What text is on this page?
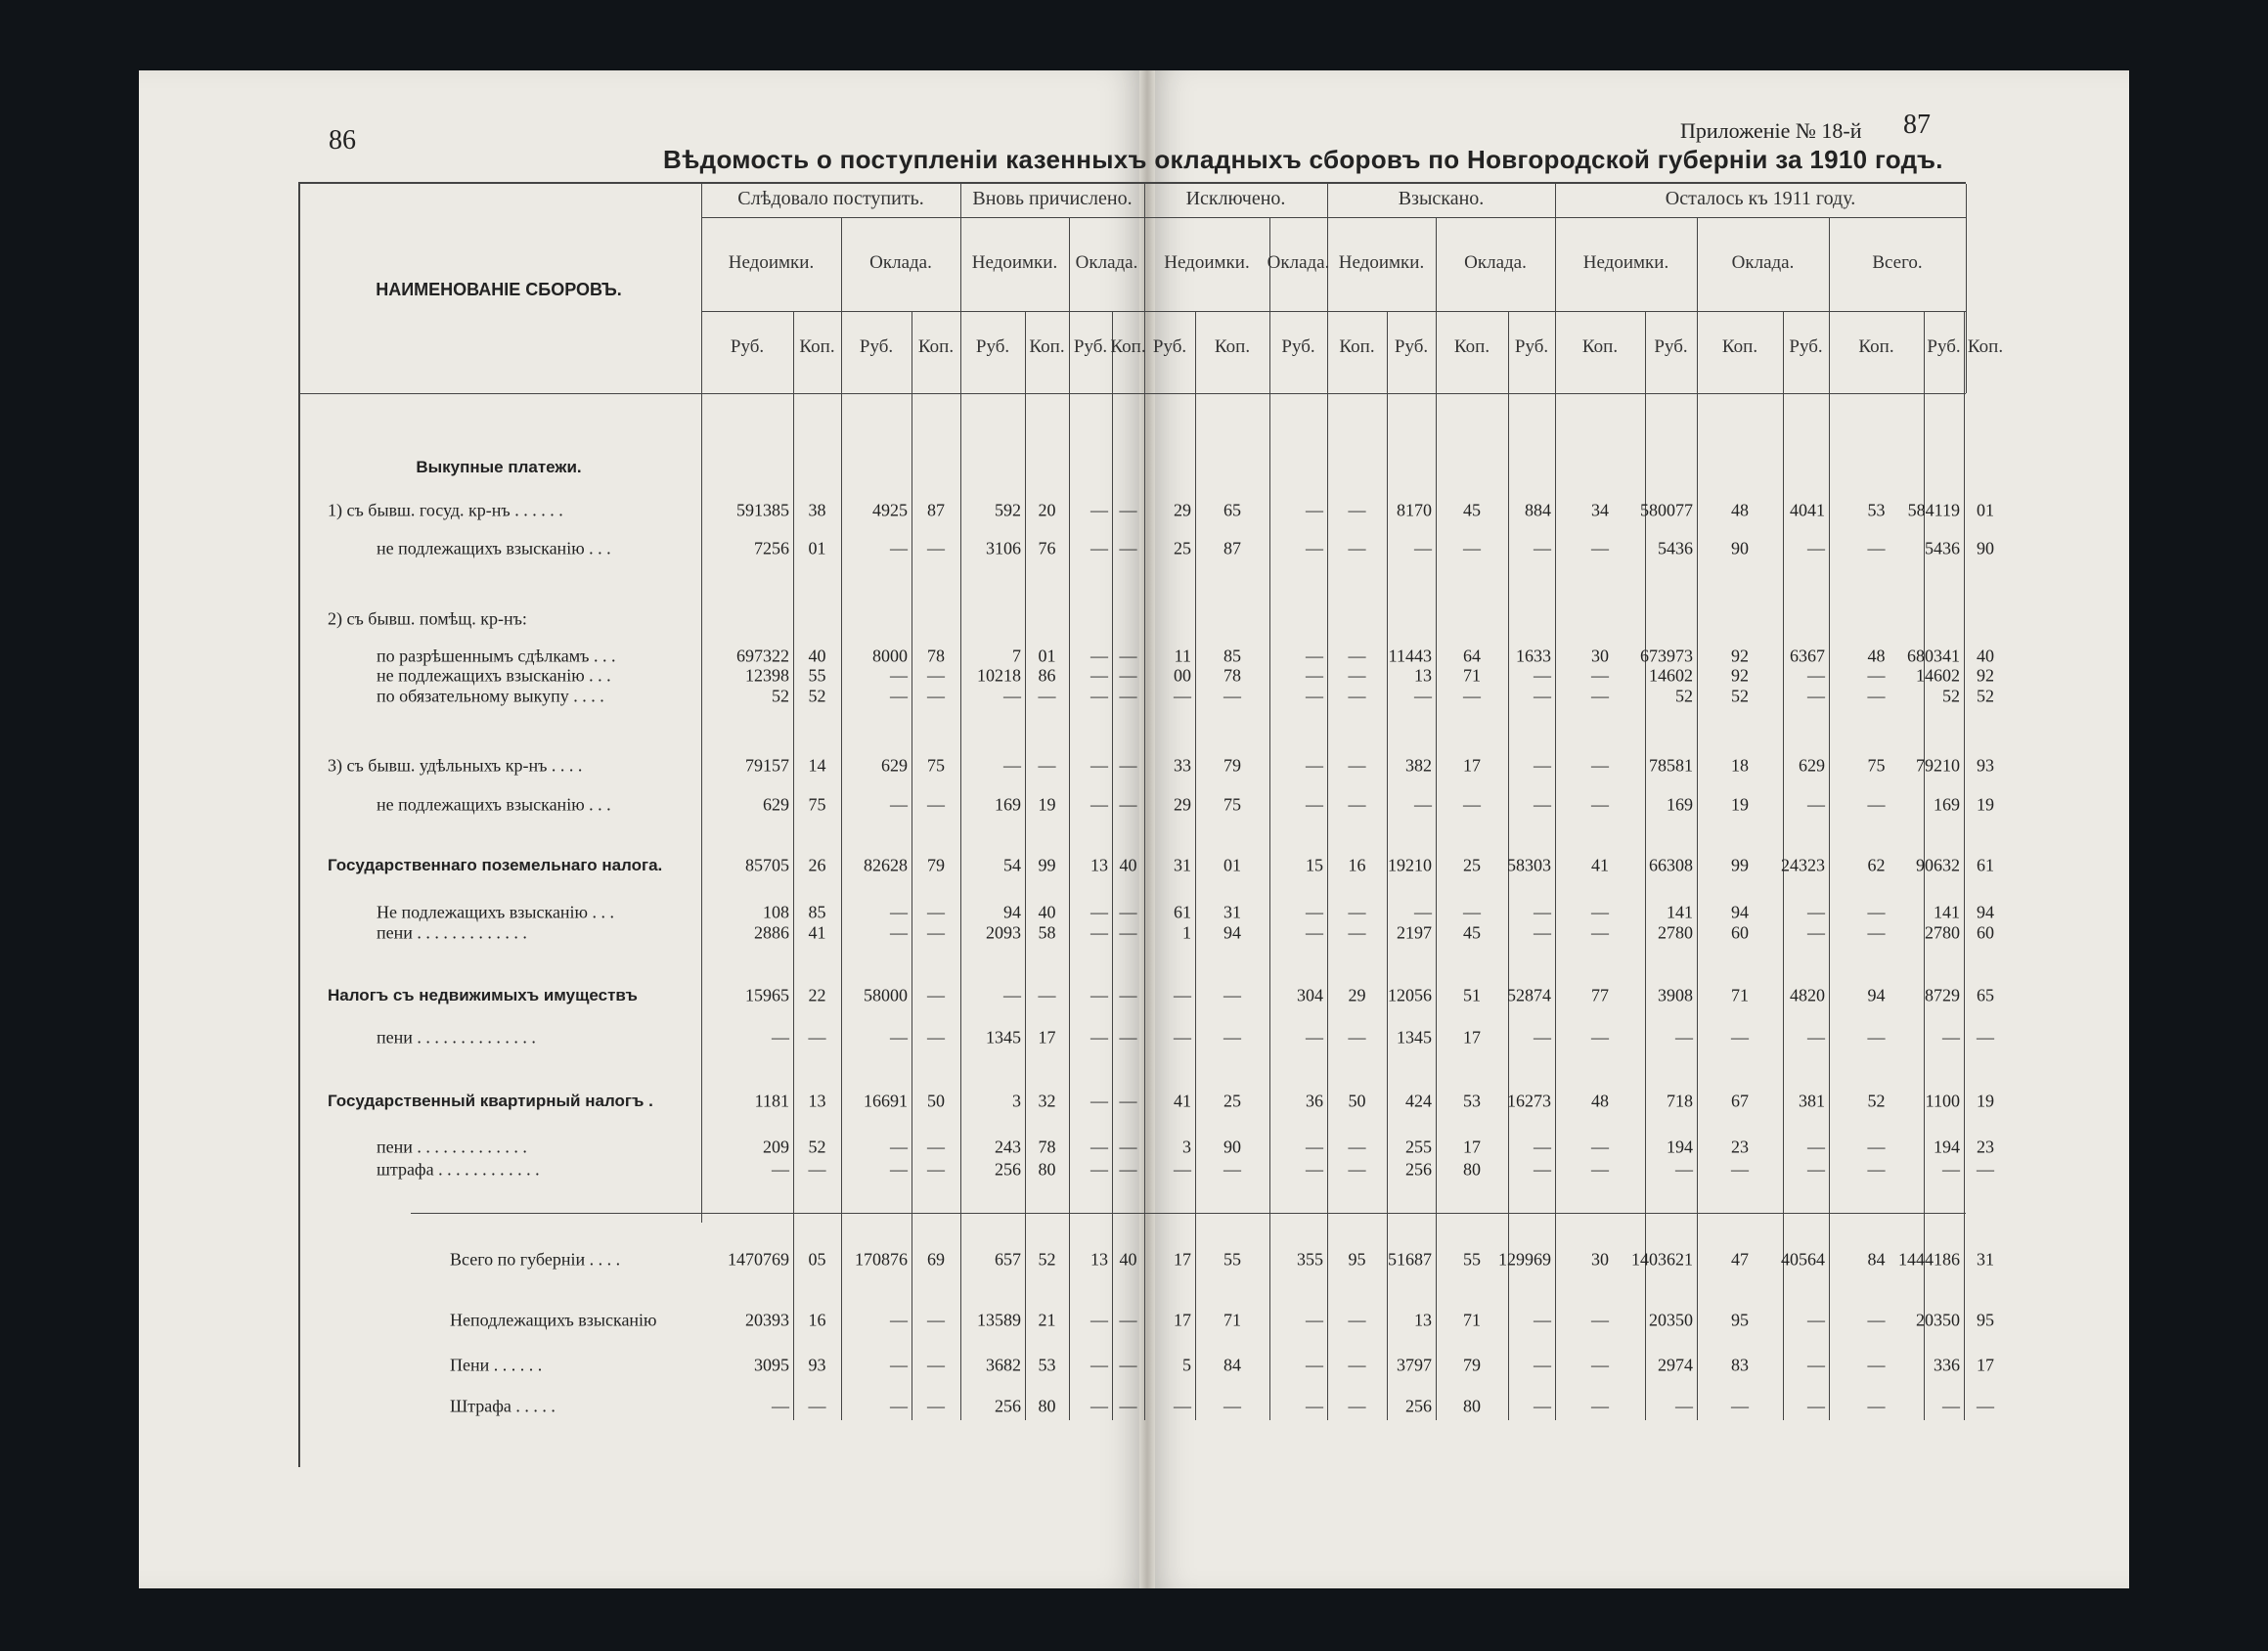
86
87
Приложеніе № 18-й
Вѣдомость о поступленіи казенныхъ окладныхъ сборовъ по Новгородской губерніи за 1910 годъ.
НАИМЕНОВАНІЕ СБОРОВЪ.
Слѣдовало поступить.	Вновь причислено.	Исключено.	Взыскано.	Осталось къ 1911 году.
Недоимки.	Оклада.	Недоимки. Оклада.	Недоимки. Оклада. Недоимки.	Оклада.	Недоимки.	Оклада.	Всего.
Руб.	Коп.	Руб.	Коп.	Руб.	Коп. Руб. Коп. Руб.	Коп.	Руб.	Коп.	Руб.	Коп.	Руб.	Коп.	Руб.	Коп.	Руб.	Коп.	Руб. Коп.
Выкупные платежи.
1) съ бывш. госуд. кр-нъ . . . . . .	591385	38	4925	87	592 20	— —	29	65	—	—	8170	45	884	34	580077	48	4041	53	584119 01
не подлежащихъ взысканію . . .	7256	01	—	—	3106 76	— —	25	87	—	—	—	—	—	—	5436	90	—	—	5436 90
2) съ бывш. помѣщ. кр-нъ:
по разрѣшеннымъ сдѣлкамъ . . .	697322	40	8000	78	7 01	— —	11	85	—	—	11443	64	1633	30	673973	92	6367	48	680341 40
не подлежащихъ взысканію . . .	12398	55	—	—	10218 86	— —	00	78	—	—	13	71	—	—	14602	92	—	—	14602 92
по обязательному выкупу . . . .	52	52	—	—	— —	— —	—	—	—	—	—	—	—	—	52	52	—	—	52 52
3) съ бывш. удѣльныхъ кр-нъ . . . .	79157	14	629	75	— —	— —	33	79	—	—	382	17	—	—	78581	18	629	75	79210 93
не подлежащихъ взысканію . . .	629	75	—	—	169 19	— —	29	75	—	—	—	—	—	—	169	19	—	—	169 19
Государственнаго поземельнаго налога.	85705	26	82628	79	54 99	13 40	31	01	15	16	19210	25	58303	41	66308	99	24323	62	90632 61
Не подлежащихъ взысканію . . .	108	85	—	—	94 40	— —	61	31	—	—	—	—	—	—	141	94	—	—	141 94
пени . . . . . . . . . . . . .	2886	41	—	—	2093 58	— —	1	94	—	—	2197	45	—	—	2780	60	—	—	2780 60
Налогъ съ недвижимыхъ имуществъ	15965	22	58000	—	— —	— —	—	—	304	29	12056	51	52874	77	3908	71	4820	94	8729 65
пени . . . . . . . . . . . . . .	—	—	—	—	1345 17	— —	—	—	—	—	1345	17	—	—	—	—	—	—	— —
Государственный квартирный налогъ .	1181	13	16691	50	3 32	— —	41	25	36	50	424	53	16273	48	718	67	381	52	1100 19
пени . . . . . . . . . . . . .	209	52	—	—	243 78	— —	3	90	—	—	255	17	—	—	194	23	—	—	194 23
штрафа . . . . . . . . . . . .	—	—	—	—	256 80	— —	—	—	—	—	256	80	—	—	—	—	—	—	— —
Всего по губерніи . . . .	1470769	05	170876	69	657 52	13 40	17	55	355	95	51687	55	129969	30	1403621	47	40564	84 1444186 31
Неподлежащихъ взысканію	20393	16	—	—	13589 21	— —	17	71	—	—	13	71	—	—	20350	95	—	—	20350 95
Пени . . . . . .	3095	93	—	—	3682 53	— —	5	84	—	—	3797	79	—	—	2974	83	—	—	336 17
Штрафа . . . . .	—	—	—	—	256 80	— —	—	—	—	—	256	80	—	—	—	—	—	—	— —
